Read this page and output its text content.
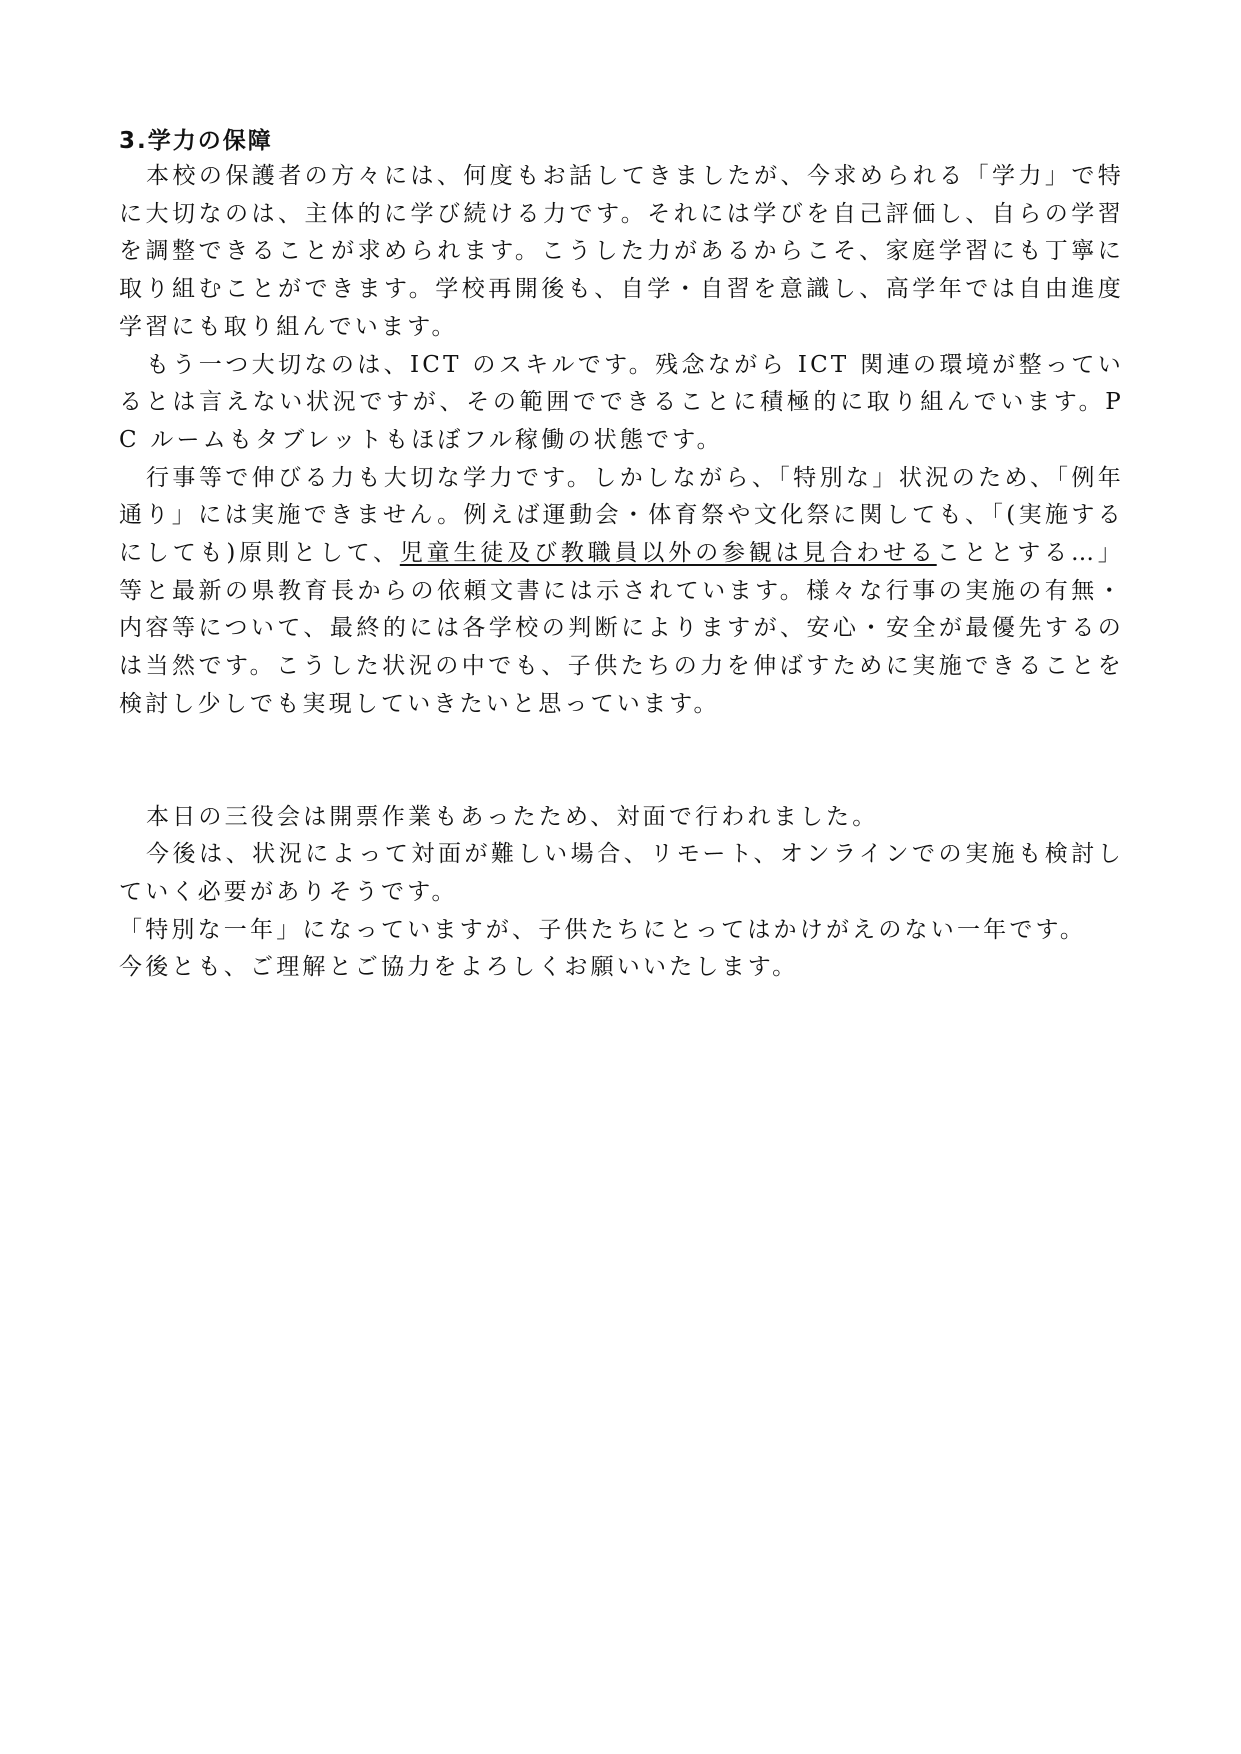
3.学力の保障

本校の保護者の方々には、何度もお話してきましたが、今求められる「学力」で特に大切なのは、主体的に学び続ける力です。それには学びを自己評価し、自らの学習を調整できることが求められます。こうした力があるからこそ、家庭学習にも丁寧に取り組むことができます。学校再開後も、自学・自習を意識し、高学年では自由進度学習にも取り組んでいます。

もう一つ大切なのは、ICT のスキルです。残念ながら ICT 関連の環境が整っているとは言えない状況ですが、その範囲でできることに積極的に取り組んでいます。PC ルームもタブレットもほぼフル稼働の状態です。

行事等で伸びる力も大切な学力です。しかしながら、「特別な」状況のため、「例年通り」には実施できません。例えば運動会・体育祭や文化祭に関しても、「(実施するにしても)原則として、児童生徒及び教職員以外の参観は見合わせることとする…」等と最新の県教育長からの依頼文書には示されています。様々な行事の実施の有無・内容等について、最終的には各学校の判断によりますが、安心・安全が最優先するのは当然です。こうした状況の中でも、子供たちの力を伸ばすために実施できることを検討し少しでも実現していきたいと思っています。

本日の三役会は開票作業もあったため、対面で行われました。

今後は、状況によって対面が難しい場合、リモート、オンラインでの実施も検討していく必要がありそうです。

「特別な一年」になっていますが、子供たちにとってはかけがえのない一年です。

今後とも、ご理解とご協力をよろしくお願いいたします。
